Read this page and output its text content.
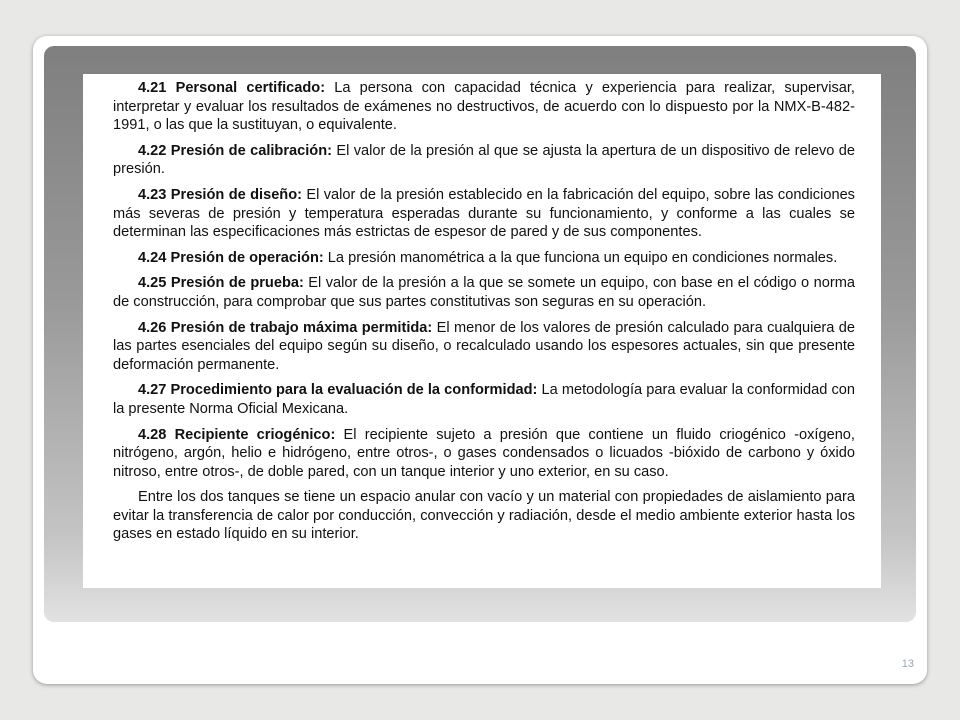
4.21 Personal certificado: La persona con capacidad técnica y experiencia para realizar, supervisar, interpretar y evaluar los resultados de exámenes no destructivos, de acuerdo con lo dispuesto por la NMX-B-482-1991, o las que la sustituyan, o equivalente.

4.22 Presión de calibración: El valor de la presión al que se ajusta la apertura de un dispositivo de relevo de presión.

4.23 Presión de diseño: El valor de la presión establecido en la fabricación del equipo, sobre las condiciones más severas de presión y temperatura esperadas durante su funcionamiento, y conforme a las cuales se determinan las especificaciones más estrictas de espesor de pared y de sus componentes.

4.24 Presión de operación: La presión manométrica a la que funciona un equipo en condiciones normales.

4.25 Presión de prueba: El valor de la presión a la que se somete un equipo, con base en el código o norma de construcción, para comprobar que sus partes constitutivas son seguras en su operación.

4.26 Presión de trabajo máxima permitida: El menor de los valores de presión calculado para cualquiera de las partes esenciales del equipo según su diseño, o recalculado usando los espesores actuales, sin que presente deformación permanente.

4.27 Procedimiento para la evaluación de la conformidad: La metodología para evaluar la conformidad con la presente Norma Oficial Mexicana.

4.28 Recipiente criogénico: El recipiente sujeto a presión que contiene un fluido criogénico -oxígeno, nitrógeno, argón, helio e hidrógeno, entre otros-, o gases condensados o licuados -bióxido de carbono y óxido nitroso, entre otros-, de doble pared, con un tanque interior y uno exterior, en su caso.

Entre los dos tanques se tiene un espacio anular con vacío y un material con propiedades de aislamiento para evitar la transferencia de calor por conducción, convección y radiación, desde el medio ambiente exterior hasta los gases en estado líquido en su interior.

13
